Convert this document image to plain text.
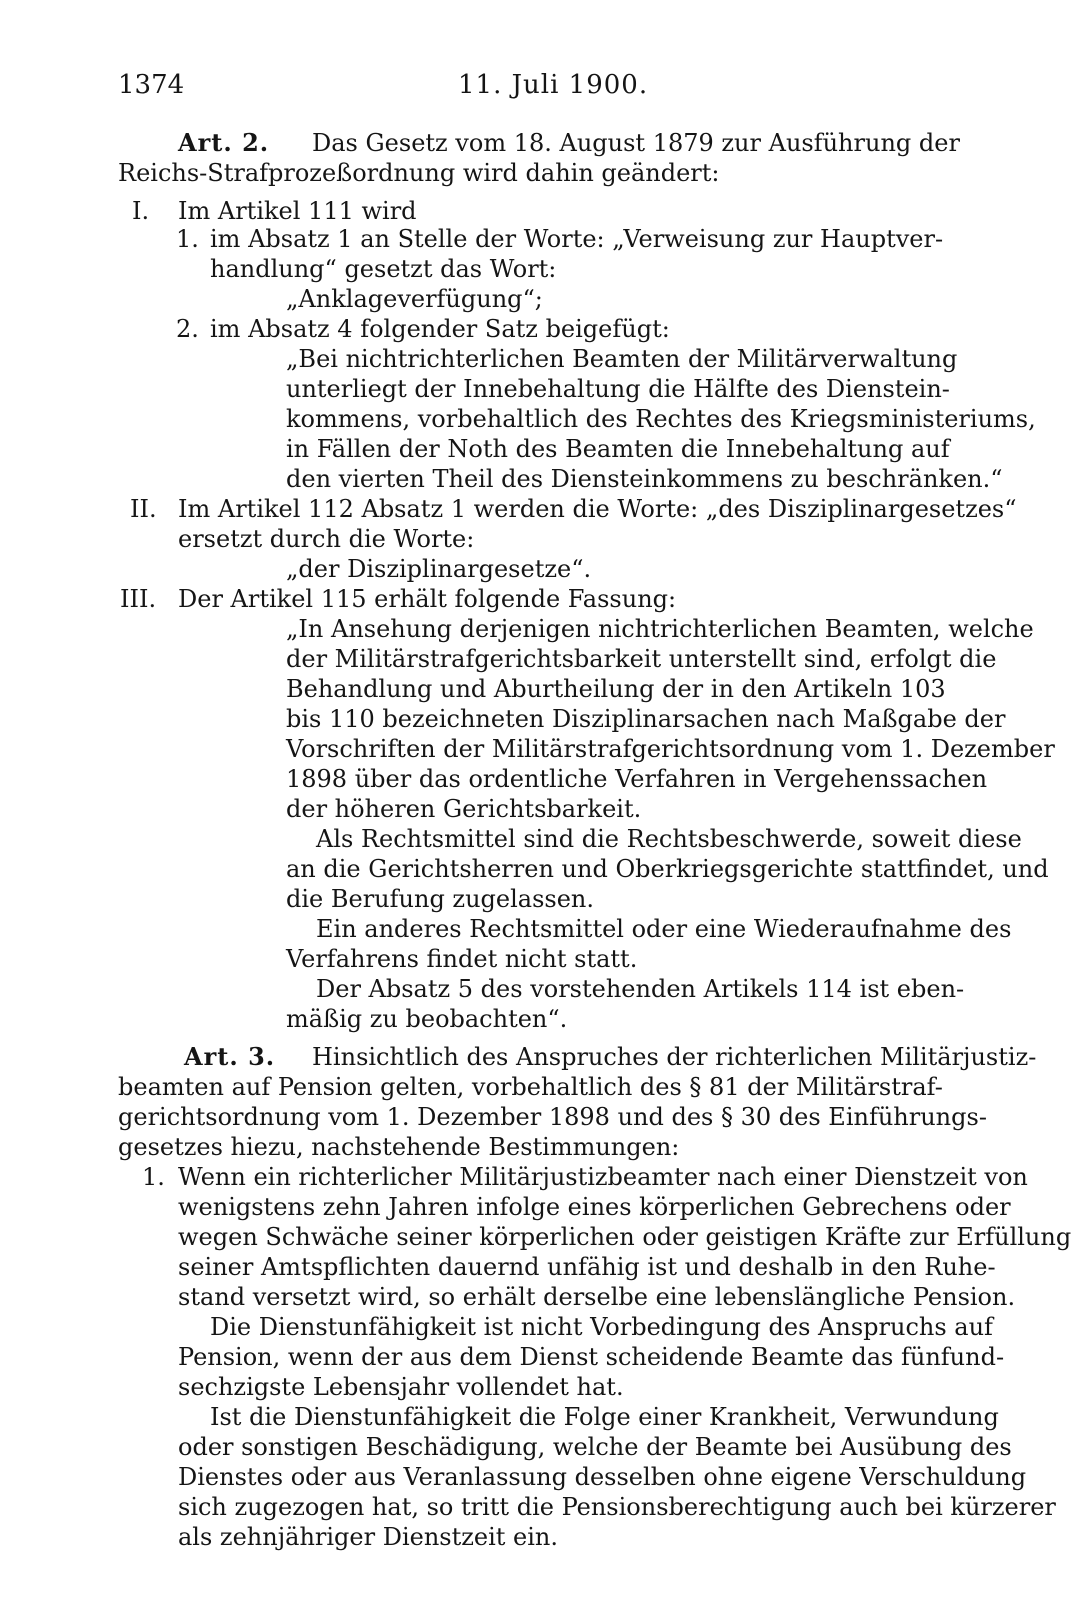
1374	11. Juli 1900.
Art. 2. Das Gesetz vom 18. August 1879 zur Ausführung der
Reichs-Strafprozeßordnung wird dahin geändert:
I. Im Artikel 111 wird
1. im Absatz 1 an Stelle der Worte: „Verweisung zur Hauptver-
handlung“ gesetzt das Wort:
„Anklageverfügung“;
2. im Absatz 4 folgender Satz beigefügt:
„Bei nichtrichterlichen Beamten der Militärverwaltung
unterliegt der Innebehaltung die Hälfte des Dienstein-
kommens, vorbehaltlich des Rechtes des Kriegsministeriums,
in Fällen der Noth des Beamten die Innebehaltung auf
den vierten Theil des Diensteinkommens zu beschränken.“
II. Im Artikel 112 Absatz 1 werden die Worte: „des Disziplinargesetzes“
ersetzt durch die Worte:
„der Disziplinargesetze“.
III. Der Artikel 115 erhält folgende Fassung:
„In Ansehung derjenigen nichtrichterlichen Beamten, welche
der Militärstrafgerichtsbarkeit unterstellt sind, erfolgt die
Behandlung und Aburtheilung der in den Artikeln 103
bis 110 bezeichneten Disziplinarsachen nach Maßgabe der
Vorschriften der Militärstrafgerichtsordnung vom 1. Dezember
1898 über das ordentliche Verfahren in Vergehenssachen
der höheren Gerichtsbarkeit.
Als Rechtsmittel sind die Rechtsbeschwerde, soweit diese
an die Gerichtsherren und Oberkriegsgerichte stattfindet, und
die Berufung zugelassen.
Ein anderes Rechtsmittel oder eine Wiederaufnahme des
Verfahrens findet nicht statt.
Der Absatz 5 des vorstehenden Artikels 114 ist eben-
mäßig zu beobachten“.
Art. 3. Hinsichtlich des Anspruches der richterlichen Militärjustiz-
beamten auf Pension gelten, vorbehaltlich des § 81 der Militärstraf-
gerichtsordnung vom 1. Dezember 1898 und des § 30 des Einführungs-
gesetzes hiezu, nachstehende Bestimmungen:
1. Wenn ein richterlicher Militärjustizbeamter nach einer Dienstzeit von
wenigstens zehn Jahren infolge eines körperlichen Gebrechens oder
wegen Schwäche seiner körperlichen oder geistigen Kräfte zur Erfüllung
seiner Amtspflichten dauernd unfähig ist und deshalb in den Ruhe-
stand versetzt wird, so erhält derselbe eine lebenslängliche Pension.
Die Dienstunfähigkeit ist nicht Vorbedingung des Anspruchs auf
Pension, wenn der aus dem Dienst scheidende Beamte das fünfund-
sechzigste Lebensjahr vollendet hat.
Ist die Dienstunfähigkeit die Folge einer Krankheit, Verwundung
oder sonstigen Beschädigung, welche der Beamte bei Ausübung des
Dienstes oder aus Veranlassung desselben ohne eigene Verschuldung
sich zugezogen hat, so tritt die Pensionsberechtigung auch bei kürzerer
als zehnjähriger Dienstzeit ein.
